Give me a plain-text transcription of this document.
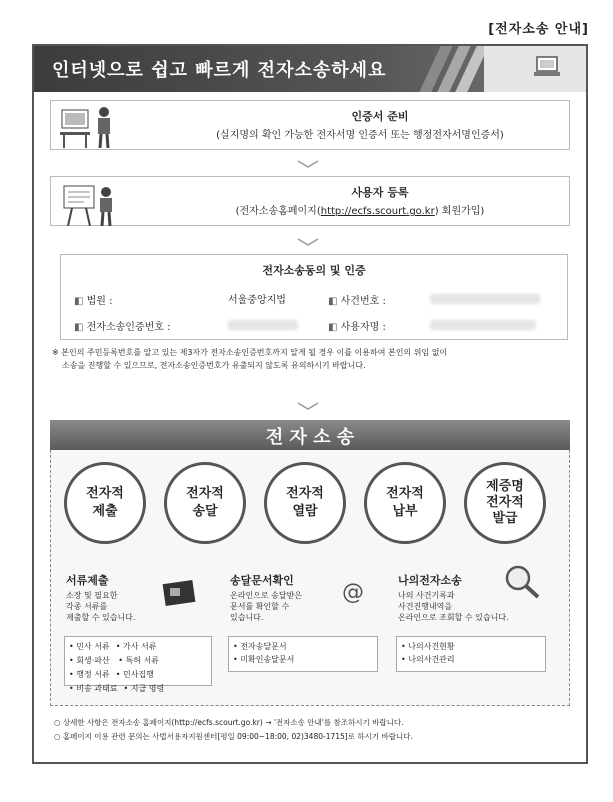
[전자소송 안내]
인터넷으로 쉽고 빠르게 전자소송하세요
인증서 준비
(실지명의 확인 가능한 전자서명 인증서 또는 행정전자서명인증서)
사용자 등록
(전자소송홈페이지(http://ecfs.scourt.go.kr) 회원가입)
전자소송동의 및 인증
◧ 법원 :	서울중앙지법	◧ 사건번호 :
◧ 전자소송인증번호 :	◧ 사용자명 :
※ 본인의 주민등록번호를 알고 있는 제3자가 전자소송인증번호까지 알게 될 경우 이를 이용하여 본인의 위임 없이
소송을 진행할 수 있으므로, 전자소송인증번호가 유출되지 않도록 유의하시기 바랍니다.
전 자 소 송
전자적
제출
전자적
송달
전자적
열람
전자적
납부
제증명
전자적
발급
서류제출
소장 및 필요한
각종 서류를
제출할 수 있습니다.
• 민사 서류 • 가사 서류• 회생·파산 • 특허 서류• 행정 서류 • 민사집행 • 비송 과태료 • 지급 명령
송달문서확인
온라인으로 송달받은
문서를 확인할 수
있습니다.
@
• 전자송달문서
• 미확인송달문서
나의전자소송
나의 사건기록과
사건진행내역을
온라인으로 조회할 수 있습니다.
• 나의사건현황
• 나의사건관리
○ 상세한 사항은 전자소송 홈페이지(http://ecfs.scourt.go.kr) → '전자소송 안내'를 참조하시기 바랍니다.
○ 홈페이지 이용 관련 문의는 사법서용자지원센터[평일 09:00~18:00, 02)3480-1715]로 하시기 바랍니다.
